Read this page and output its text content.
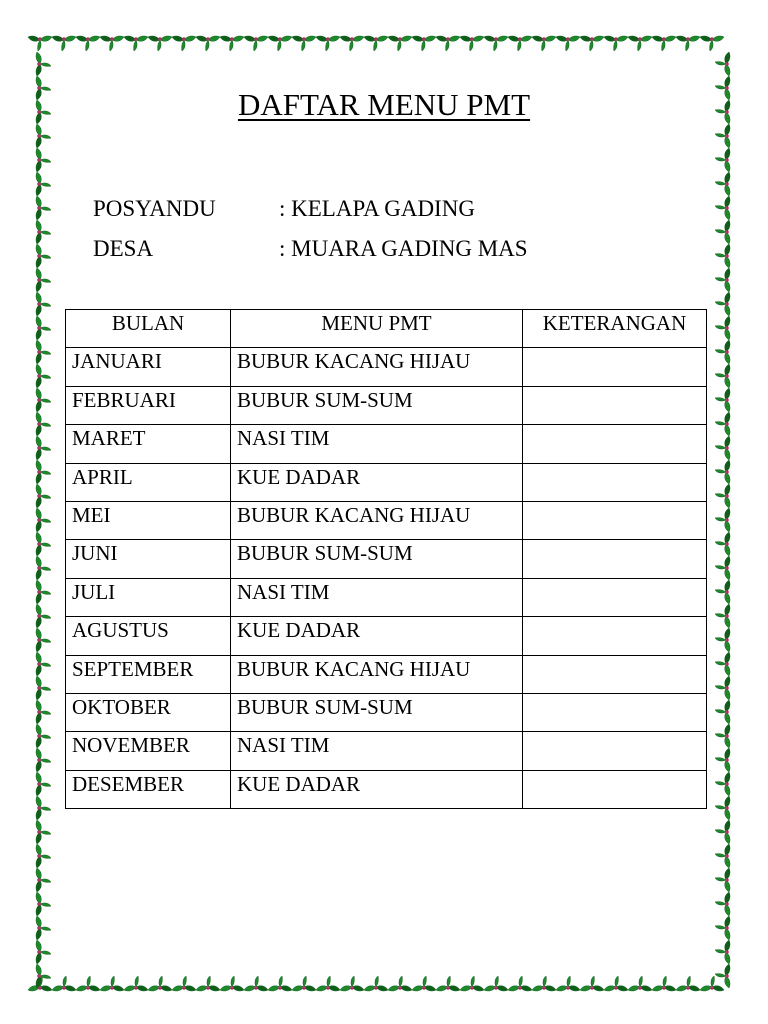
DAFTAR MENU PMT
POSYANDU	: KELAPA GADING
DESA	: MUARA GADING MAS
BULAN	MENU PMT	KETERANGAN
JANUARI	BUBUR KACANG HIJAU	
FEBRUARI	BUBUR SUM-SUM	
MARET	NASI TIM	
APRIL	KUE DADAR	
MEI	BUBUR KACANG HIJAU	
JUNI	BUBUR SUM-SUM	
JULI	NASI TIM	
AGUSTUS	KUE DADAR	
SEPTEMBER	BUBUR KACANG HIJAU	
OKTOBER	BUBUR SUM-SUM	
NOVEMBER	NASI TIM	
DESEMBER	KUE DADAR	
